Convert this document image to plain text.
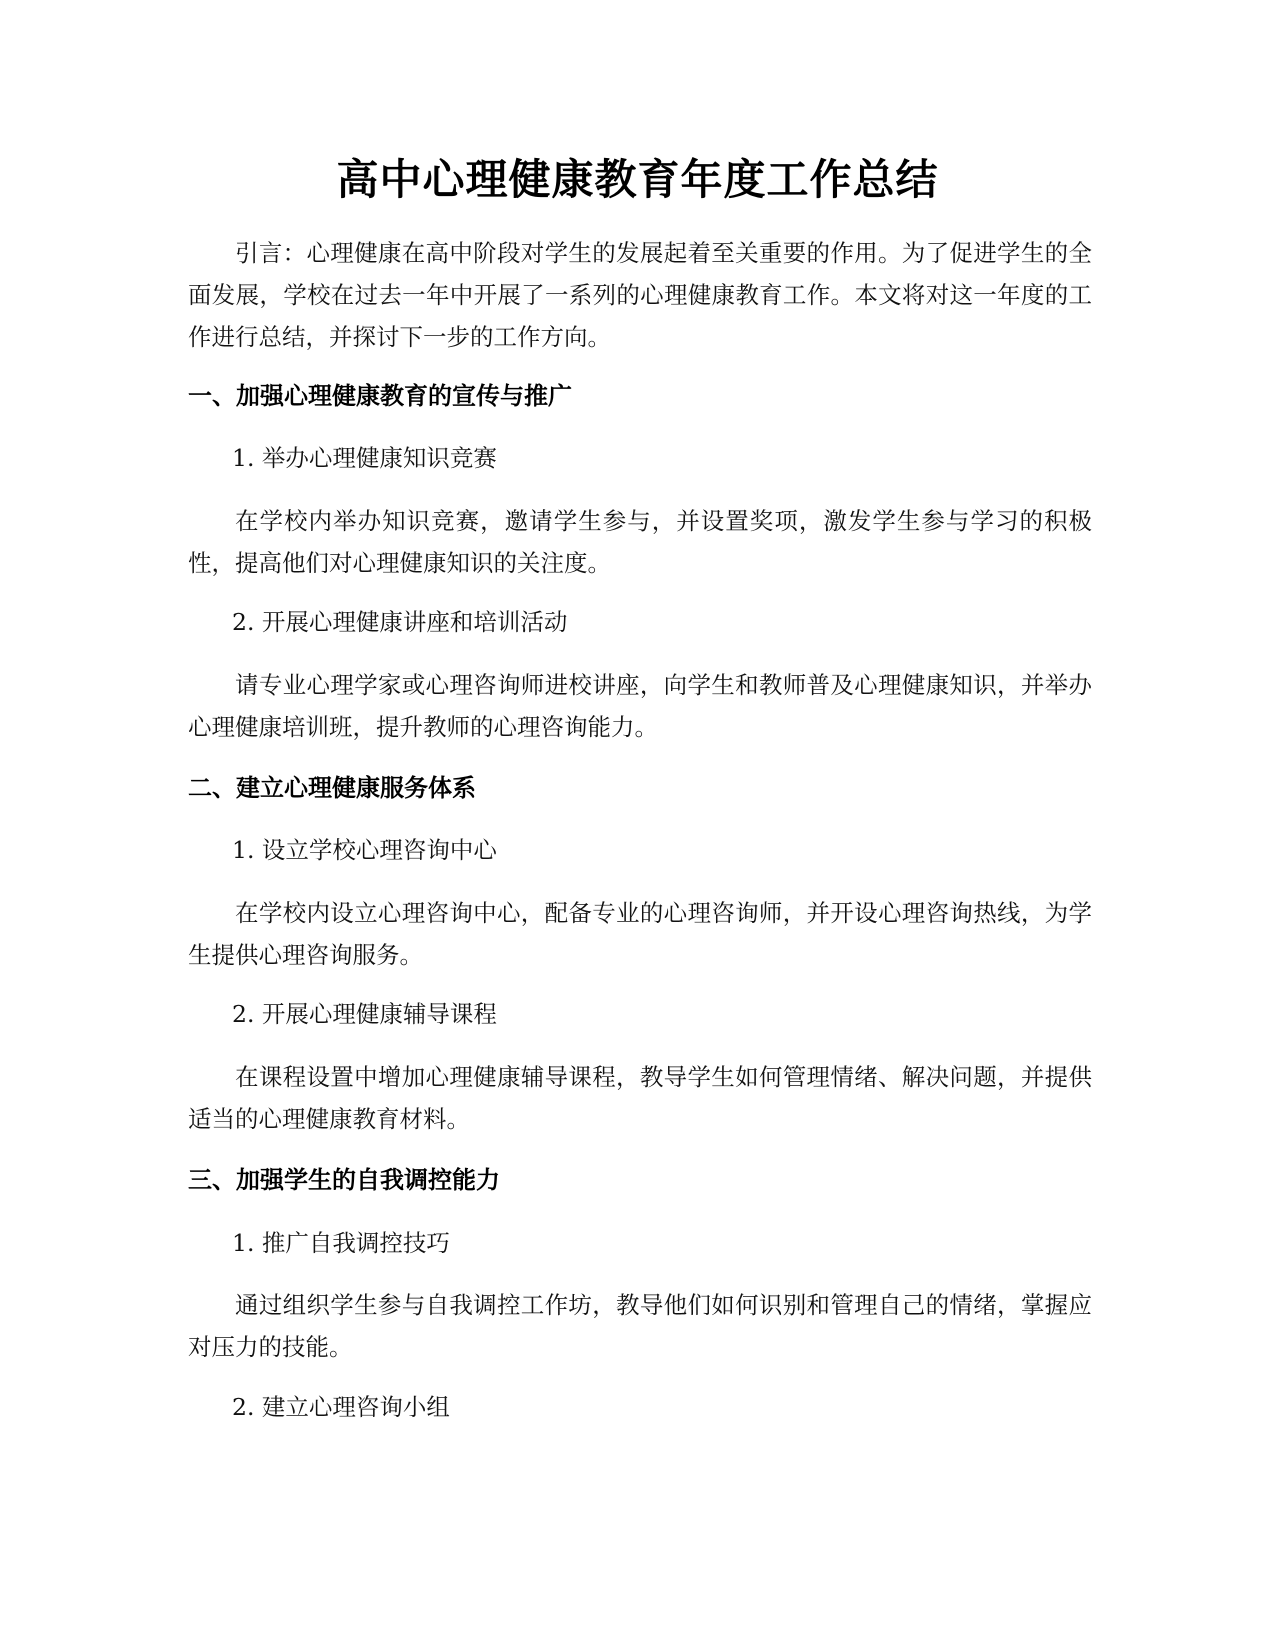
高中心理健康教育年度工作总结

引言：心理健康在高中阶段对学生的发展起着至关重要的作用。为了促进学生的全面发展，学校在过去一年中开展了一系列的心理健康教育工作。本文将对这一年度的工作进行总结，并探讨下一步的工作方向。

一、加强心理健康教育的宣传与推广

1. 举办心理健康知识竞赛

在学校内举办知识竞赛，邀请学生参与，并设置奖项，激发学生参与学习的积极性，提高他们对心理健康知识的关注度。

2. 开展心理健康讲座和培训活动

请专业心理学家或心理咨询师进校讲座，向学生和教师普及心理健康知识，并举办心理健康培训班，提升教师的心理咨询能力。

二、建立心理健康服务体系

1. 设立学校心理咨询中心

在学校内设立心理咨询中心，配备专业的心理咨询师，并开设心理咨询热线，为学生提供心理咨询服务。

2. 开展心理健康辅导课程

在课程设置中增加心理健康辅导课程，教导学生如何管理情绪、解决问题，并提供适当的心理健康教育材料。

三、加强学生的自我调控能力

1. 推广自我调控技巧

通过组织学生参与自我调控工作坊，教导他们如何识别和管理自己的情绪，掌握应对压力的技能。

2. 建立心理咨询小组
